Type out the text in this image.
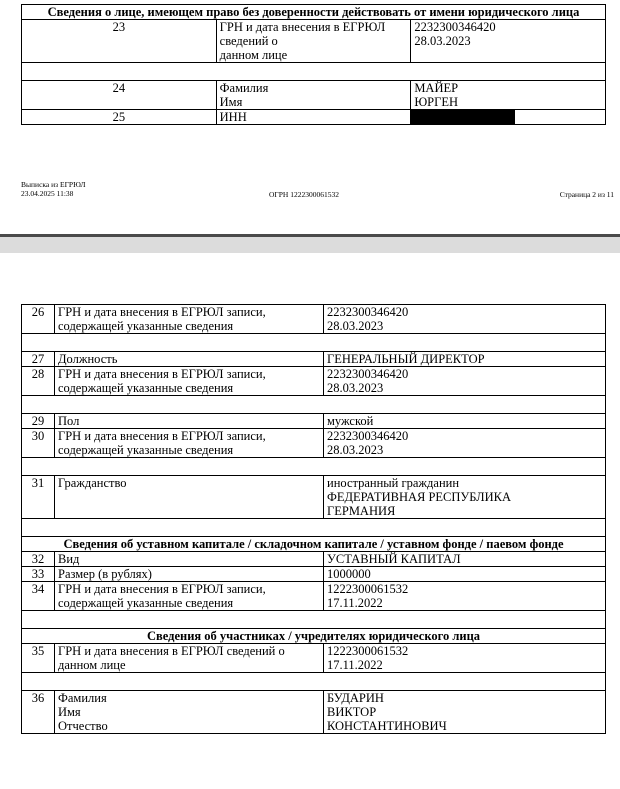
Сведения о лице, имеющем право без доверенности действовать от имени юридического лица		
23	ГРН и дата внесения в ЕГРЮЛ сведений о
данном лице	2232300346420
28.03.2023

24	Фамилия
Имя	МАЙЕР
ЮРГЕН
25	ИНН	
Выписка из ЕГРЮЛ
23.04.2025 11:38	ОГРН 1222300061532	Страница 2 из 11
26	ГРН и дата внесения в ЕГРЮЛ записи,
содержащей указанные сведения	2232300346420
28.03.2023

27	Должность	ГЕНЕРАЛЬНЫЙ ДИРЕКТОР
28	ГРН и дата внесения в ЕГРЮЛ записи,
содержащей указанные сведения	2232300346420
28.03.2023

29	Пол	мужской
30	ГРН и дата внесения в ЕГРЮЛ записи,
содержащей указанные сведения	2232300346420
28.03.2023

31	Гражданство	иностранный гражданин
ФЕДЕРАТИВНАЯ РЕСПУБЛИКА
ГЕРМАНИЯ

Сведения об уставном капитале / складочном капитале / уставном фонде / паевом фонде		
32	Вид	УСТАВНЫЙ КАПИТАЛ
33	Размер (в рублях)	1000000
34	ГРН и дата внесения в ЕГРЮЛ записи,
содержащей указанные сведения	1222300061532
17.11.2022

Сведения об участниках / учредителях юридического лица		
35	ГРН и дата внесения в ЕГРЮЛ сведений о
данном лице	1222300061532
17.11.2022

36	Фамилия
Имя
Отчество	БУДАРИН
ВИКТОР
КОНСТАНТИНОВИЧ
